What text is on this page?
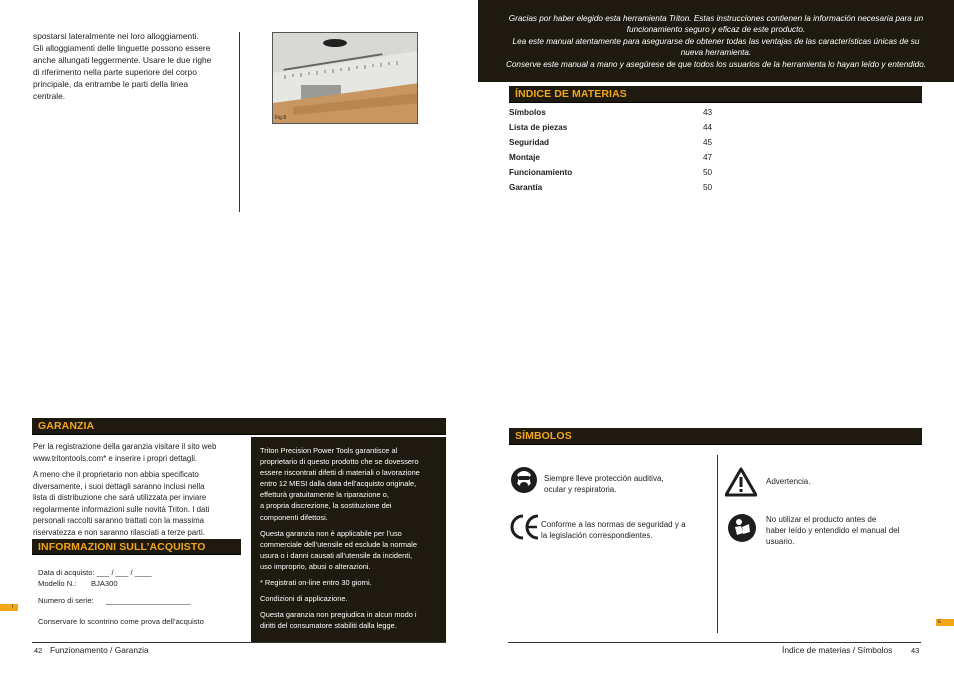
spostarsi lateralmente nei loro alloggiamenti.
Gli alloggiamenti delle linguette possono essere
anche allungati leggermente. Usare le due righe
di riferimento nella parte superiore del corpo
principale, da entrambe le parti della linea
centrale.
Fig.8
GARANZIA
Per la registrazione della garanzia visitare il sito web
www.tritontools.com* e inserire i propri dettagli.
A meno che il proprietario non abbia specificato
diversamente, i suoi dettagli saranno inclusi nella
lista di distribuzione che sarà utilizzata per inviare
regolarmente informazioni sulle novità Triton. I dati
personali raccolti saranno trattati con la massima
riservatezza e non saranno rilasciati a terze parti.
INFORMAZIONI SULL’ACQUISTO
Data di acquisto: ___ / ___ / ____
Modello N.: BJA300
Numero di serie: ____________________
Conservare lo scontrino come prova dell’acquisto
Triton Precision Power Tools garantisce al
proprietario di questo prodotto che se dovessero
essere riscontrati difetti di materiali o lavorazione
entro 12 MESI dalla data dell’acquisto originale,
effetturà gratuitamente la riparazione o,
a propria discrezione, la sostituzione dei
componenti difettosi.
Questa garanzia non è applicabile per l’uso
commerciale dell’utensile ed esclude la normale
usura o i danni causati all’utensile da incidenti,
uso improprio, abusi o alterazioni.
* Registrati on-line entro 30 giorni.
Condizioni di applicazione.
Questa garanzia non pregiudica in alcun modo i
diritti del consumatore stabiliti dalla legge.
I
42 Funzionamento / Garanzia
Gracias por haber elegido esta herramienta Triton. Estas instrucciones contienen la información necesaria para un
funcionamiento seguro y eficaz de este producto.
Lea este manual atentamente para asegurarse de obtener todas las ventajas de las características únicas de su
nueva herramienta.
Conserve este manual a mano y asegúrese de que todos los usuarios de la herramienta lo hayan leído y entendido.
ÍNDICE DE MATERIAS
Símbolos	43
Lista de piezas	44
Seguridad	45
Montaje	47
Funcionamiento	50
Garantía	50
SÍMBOLOS
Siempre lleve protección auditiva,
ocular y respiratoria.
Conforme a las normas de seguridad y a
la legislación correspondientes.
Advertencia.
No utilizar el producto antes de
haber leído y entendido el manual del
usuario.
E
Índice de materias / Símbolos	43
